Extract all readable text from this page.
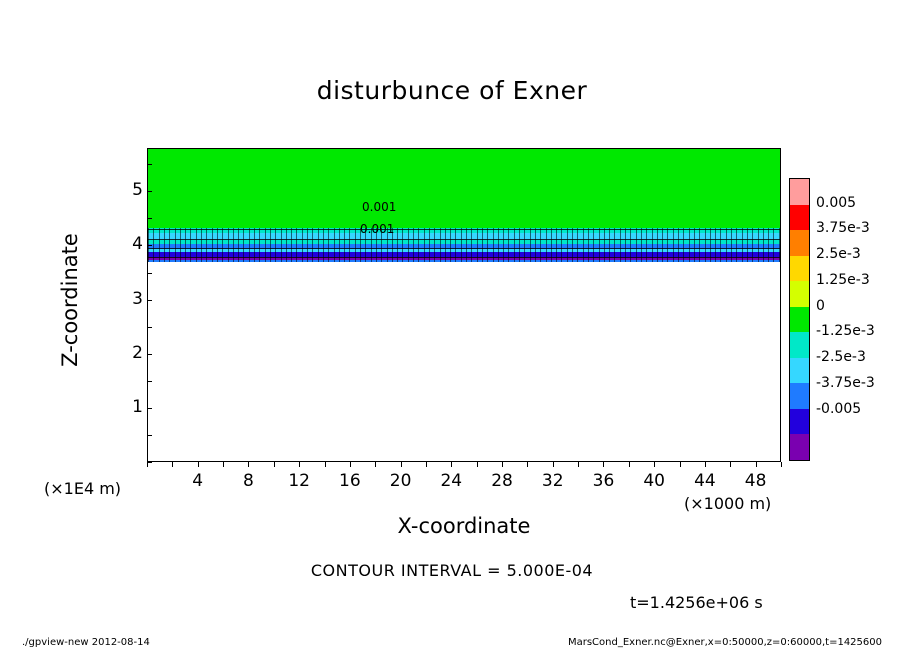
disturbunce of Exner
Z-coordinate
0.001
0.001
4	8	12	16	20	24	28	32	36	40	44	48
1
2
3
4
5
(×1E4 m)
(×1000 m)
X-coordinate
0.005
3.75e-3
2.5e-3
1.25e-3
0
-1.25e-3
-2.5e-3
-3.75e-3
-0.005
CONTOUR INTERVAL = 5.000E-04
t=1.4256e+06 s
./gpview-new 2012-08-14	MarsCond_Exner.nc@Exner,x=0:50000,z=0:60000,t=1425600
